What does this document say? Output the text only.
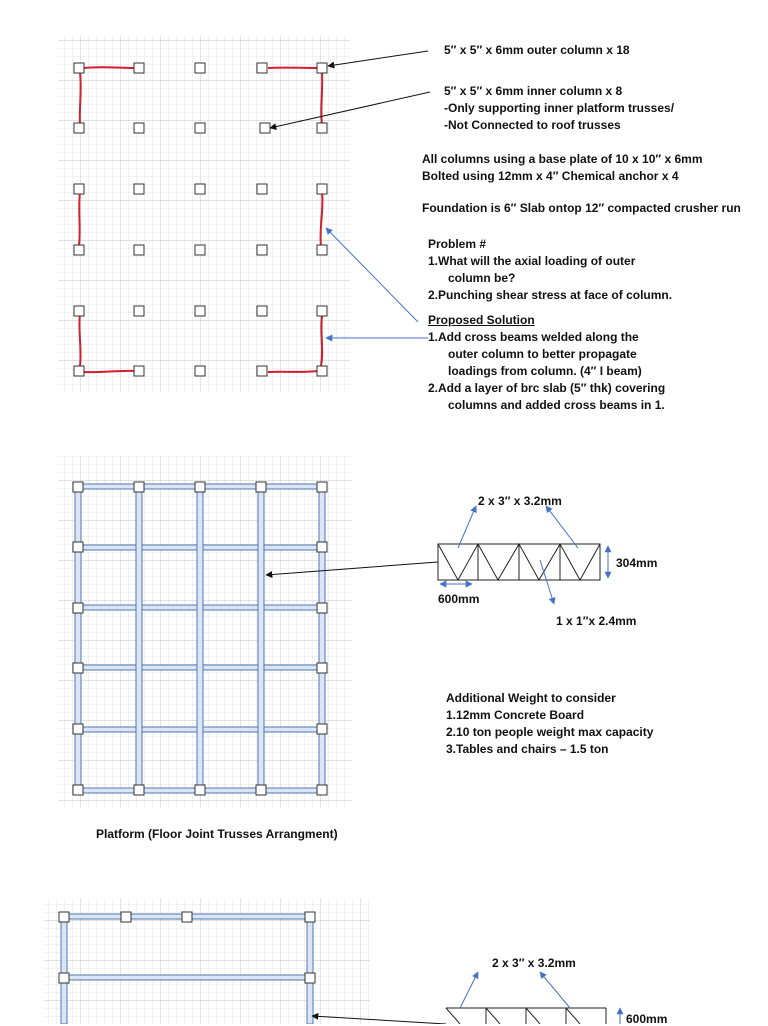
5″ x 5″ x 6mm outer column x 18
5″ x 5″ x 6mm inner column x 8
-Only supporting inner platform trusses/
-Not Connected to roof trusses
All columns using a base plate of 10 x 10″ x 6mm
Bolted using 12mm x 4″ Chemical anchor x 4
Foundation is 6″ Slab ontop 12″ compacted crusher run
Problem #
1.What will the axial loading of outer
column be?
2.Punching shear stress at face of column.
Proposed Solution
1.Add cross beams welded along the
outer column to better propagate
loadings from column. (4″ I beam)
2.Add a layer of brc slab (5″ thk) covering
columns and added cross beams in 1.
2 x 3″ x 3.2mm
304mm
600mm
1 x 1″x 2.4mm
Additional Weight to consider
1.12mm Concrete Board
2.10 ton people weight max capacity
3.Tables and chairs – 1.5 ton
Platform (Floor Joint Trusses Arrangment)
2 x 3″ x 3.2mm
600mm
